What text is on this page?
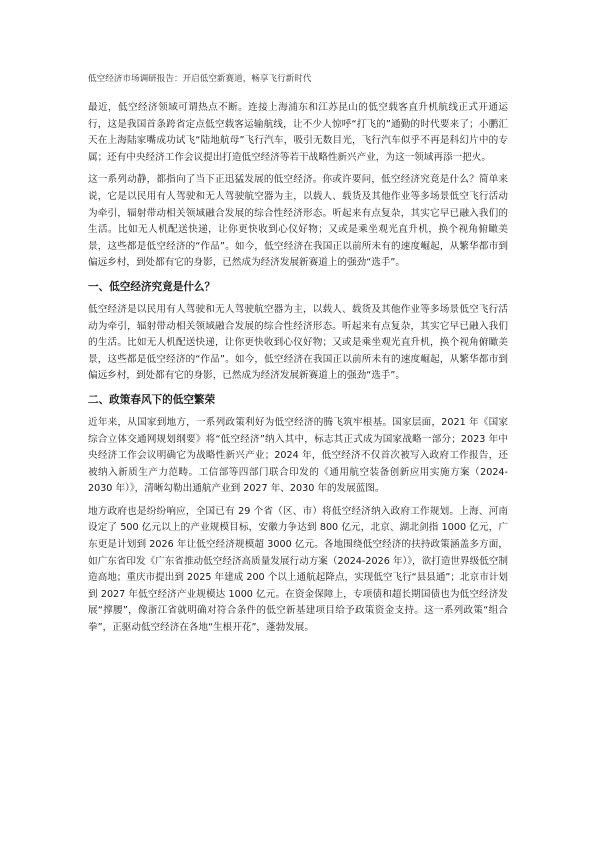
低空经济市场调研报告：开启低空新赛道，畅享飞行新时代

最近，低空经济领域可谓热点不断。连接上海浦东和江苏昆山的低空载客直升机航线正式开通运行，这是我国首条跨省定点低空载客运输航线，让不少人惊呼“打飞的”通勤的时代要来了；小鹏汇天在上海陆家嘴成功试飞“陆地航母”飞行汽车，吸引无数目光，飞行汽车似乎不再是科幻片中的专属；还有中央经济工作会议提出打造低空经济等若干战略性新兴产业，为这一领域再添一把火。

这一系列动静，都指向了当下正迅猛发展的低空经济。你或许要问，低空经济究竟是什么？简单来说，它是以民用有人驾驶和无人驾驶航空器为主，以载人、载货及其他作业等多场景低空飞行活动为牵引，辐射带动相关领域融合发展的综合性经济形态。听起来有点复杂，其实它早已融入我们的生活。比如无人机配送快递，让你更快收到心仪好物；又或是乘坐观光直升机，换个视角俯瞰美景，这些都是低空经济的“作品”。如今，低空经济在我国正以前所未有的速度崛起，从繁华都市到偏远乡村，到处都有它的身影，已然成为经济发展新赛道上的强劲“选手”。

一、低空经济究竟是什么？

低空经济是以民用有人驾驶和无人驾驶航空器为主，以载人、载货及其他作业等多场景低空飞行活动为牵引，辐射带动相关领域融合发展的综合性经济形态。听起来有点复杂，其实它早已融入我们的生活。比如无人机配送快递，让你更快收到心仪好物；又或是乘坐观光直升机，换个视角俯瞰美景，这些都是低空经济的“作品”。如今，低空经济在我国正以前所未有的速度崛起，从繁华都市到偏远乡村，到处都有它的身影，已然成为经济发展新赛道上的强劲“选手”。

二、政策春风下的低空繁荣

近年来，从国家到地方，一系列政策利好为低空经济的腾飞筑牢根基。国家层面，2021 年《国家综合立体交通网规划纲要》将“低空经济”纳入其中，标志其正式成为国家战略一部分；2023 年中央经济工作会议明确它为战略性新兴产业；2024 年，低空经济不仅首次被写入政府工作报告，还被纳入新质生产力范畴。工信部等四部门联合印发的《通用航空装备创新应用实施方案（2024-2030 年）》，清晰勾勒出通航产业到 2027 年、2030 年的发展蓝图。

地方政府也是纷纷响应，全国已有 29 个省（区、市）将低空经济纳入政府工作规划。上海、河南设定了 500 亿元以上的产业规模目标，安徽力争达到 800 亿元，北京、湖北剑指 1000 亿元，广东更是计划到 2026 年让低空经济规模超 3000 亿元。各地围绕低空经济的扶持政策涵盖多方面，如广东省印发《广东省推动低空经济高质量发展行动方案（2024-2026 年）》，欲打造世界级低空制造高地；重庆市提出到 2025 年建成 200 个以上通航起降点，实现低空飞行“县县通”；北京市计划到 2027 年低空经济产业规模达 1000 亿元。在资金保障上，专项债和超长期国债也为低空经济发展“撑腰”，像浙江省就明确对符合条件的低空新基建项目给予政策资金支持。这一系列政策“组合拳”，正驱动低空经济在各地“生根开花”，蓬勃发展。
